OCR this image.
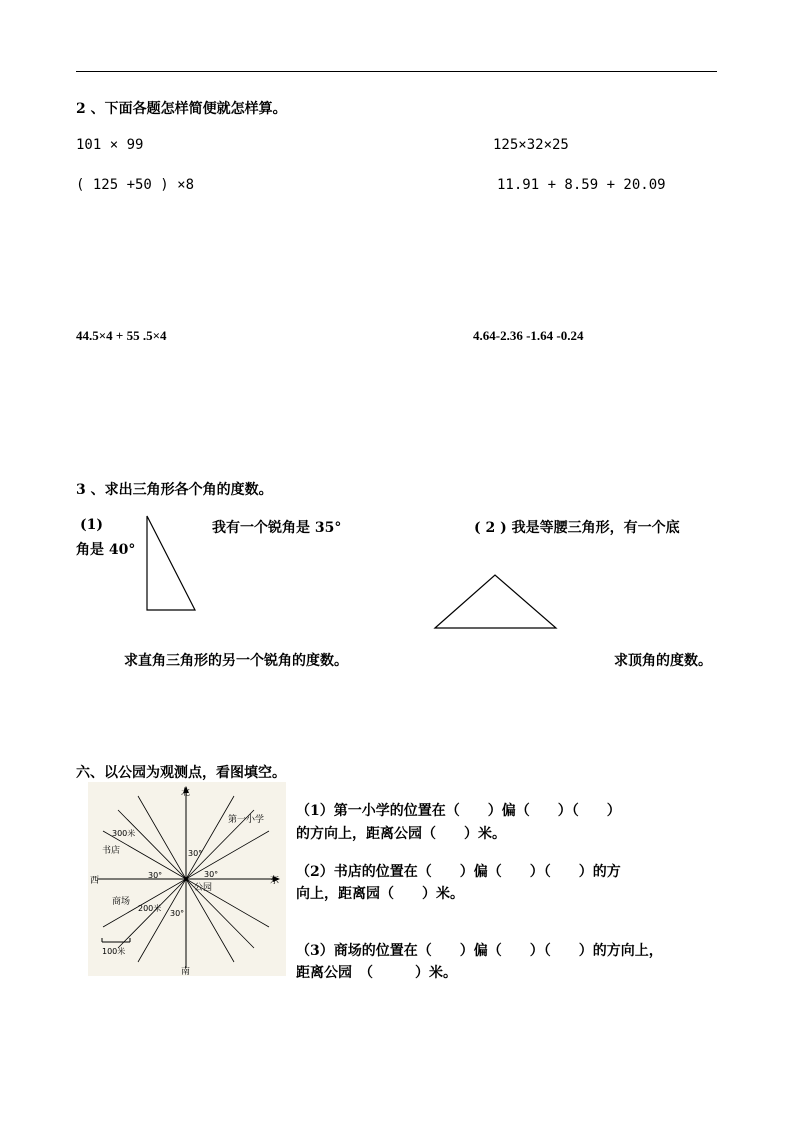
2 、下面各题怎样简便就怎样算。
101 × 99	125×32×25
( 125 +50 ) ×8	11.91 + 8.59 + 20.09
44.5×4 + 55 .5×4	4.64-2.36 -1.64 -0.24
3 、求出三角形各个角的度数。
(1)	我有一个锐角是 35°	( 2 ) 我是等腰三角形，有一个底
角是 40°
求直角三角形的另一个锐角的度数。	求顶角的度数。
六、以公园为观测点，看图填空。
北
南
东
西
第一小学
书店
商场
公园
300米
200米
100米
30°
30°	30°
30°
（1）第一小学的位置在（　　）偏（　　）（　　）
的方向上，距离公园（　　）米。
（2）书店的位置在（　　）偏（　　）（　　）的方
向上，距离园（　　）米。
（3）商场的位置在（　　）偏（　　）（　　）的方向上，
距离公园　（　　　）米。
